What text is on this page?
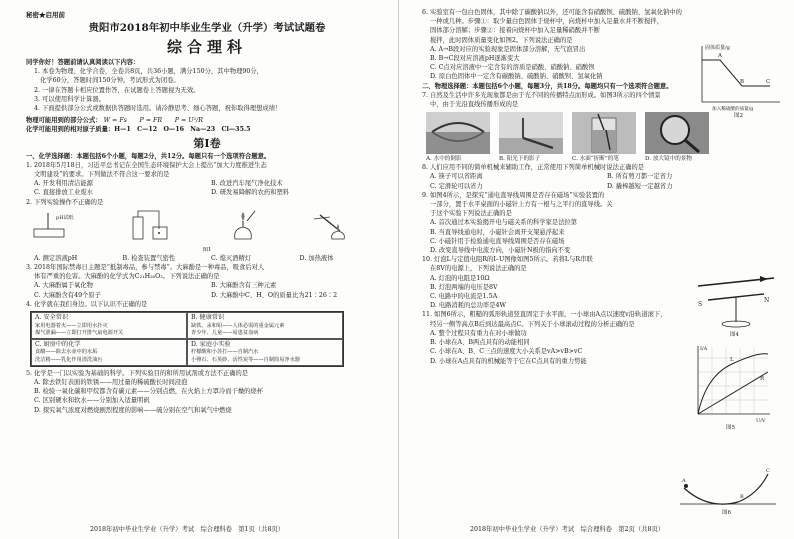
秘密★启用前
贵阳市2018年初中毕业生学业（升学）考试试题卷
综合理科
同学你好！答题前请认真阅读以下内容：
1. 本卷为物理、化学合卷，全卷共8页，共36小题，满分150分，其中物理90分，
化学60分，答题时间150分钟。考试形式为闭卷。
2. 一律在答题卡相应位置作答，在试题卷上答题视为无效。
3. 可以使用科学计算器。
4. 下面提供部分公式或数据供答题时选用。请冷静思考、细心答题，祝你取得理想成绩！
物理可能用到的部分公式： W = Fs　　P = FR　　P = U²/R
化学可能用到的相对原子质量：H—1　C—12　O—16　Na—23　Cl—35.5
第Ⅰ卷
一、化学选择题：本题包括6个小题，每题2分，共12分。每题只有一个选项符合题意。
1. 2018年5月18日，习近平总书记在全国生态环境保护大会上提出“加大力度推进生态
文明建设”的要求。下列做法不符合这一要求的是
A. 开发利用清洁能源	B. 改进汽车尾气净化技术
C. 直接排放工业废水	D. 研发易降解的农药和塑料
2. 下列实验操作不正确的是
pH试纸
图1
A. 测定溶液pH	B. 检查装置气密性	C. 熄灭酒精灯	D. 加热液体
3. 2018年国际禁毒日主题是“抵制毒品，参与禁毒”。大麻酚是一种毒品，吸食后对人
体有严重的危害。大麻酚的化学式为C₂₁H₂₆O₂。下列说法正确的是
A. 大麻酚属于氧化物	B. 大麻酚含有三种元素
C. 大麻酚含有49个原子	D. 大麻酚中C、H、O的质量比为21∶26∶2
4. 化学就在我们身边。以下认识不正确的是
A. 安全常识
家用电器着火——立即用水扑灭
煤气泄漏——立即打开排气扇电源开关
B. 健康常识
缺铁、汞和铅——人体必需的重金属元素
青少年、儿童——易患贫血病
C. 厨房中的化学
食醋——除去水壶中的水垢
洗洁精——乳化作用清洗油污
D. 家庭小实验
柠檬酸和小苏打——自制汽水
小卵石、石英砂、活性炭等——自制简易净水器
5. 化学是一门以实验为基础的科学。下列实验目的和所用试剂或方法不正确的是
A. 除去铁钉表面的铁锈——用过量的稀硫酸长时间浸泡
B. 检验一氧化碳和甲烷都含有碳元素——分别点燃，在火焰上方罩冷而干燥的烧杯
C. 区别硬水和软水——分别加入适量明矾
D. 探究氧气浓度对燃烧剧烈程度的影响——硫分别在空气和氧气中燃烧
2018年初中毕业生学业（升学）考试　综合理科卷　第1页（共8页）
6. 实验室有一包白色固体，其中除了碳酸钠以外，还可能含有硝酸钡、硫酸钠、氢氧化钠中的
一种或几种。步骤①：取少量白色固体于烧杯中，向烧杯中加入足量水并不断搅拌，
固体部分溶解；步骤②：接着向烧杯中加入足量稀硝酸并不断
搅拌，此时固体质量变化如图2。下列说法正确的是
A. A→B段对应的实验现象是固体部分溶解，无气泡冒出
B. B→C段对应溶液pH逐渐变大
C. C点对应溶液中一定含有的溶质是硝酸、硝酸钠、硝酸钡
D. 原白色固体中一定含有碳酸钠、硫酸钠、硝酸钡、氢氧化钠
固体质量/g
A
B	C
加入稀硝酸的质量/g
图2
二、物理选择题：本题包括6个小题，每题3分，共18分。每题均只有一个选项符合题意。
7. 自然及生活中许多光现象都是由于光不同的传播特点而形成。如图3所示的四个情景
中，由于光沿直线传播形成的是
A. 水中的倒影	B. 阳光下的影子	C. 水面“折断”的笔	D. 放大镜中的景物
8. 人们应用不同的简单机械来辅助工作，正常使用下列简单机械时说法正确的是
A. 筷子可以省距离	B. 所有剪刀都一定省力
C. 定滑轮可以省力	D. 撬棒越短一定越省力
9. 如图4所示，是探究“通电直导线周围是否存在磁场”实验装置的
一部分，置于水平桌面的小磁针上方有一根与之平行的直导线。关
于这个实验下列说法正确的是
A. 首次通过本实验揭开电与磁关系的科学家是法拉第
B. 当直导线通电时，小磁针会离开支架悬浮起来
C. 小磁针用于检验通电直导线周围是否存在磁场
D. 改变直导线中电流方向，小磁针N极的指向不变
S
N
图4
10. 灯泡L与定值电阻R的I–U图像如图5所示。若将L与R串联
在8V的电源上，下列说法正确的是
A. 灯泡的电阻是10Ω
B. 灯泡两端的电压是8V
C. 电路中的电流是1.5A
D. 电路消耗的总功率是4W
I/A
U/V
L
R
图5
11. 如图6所示，粗糙的弧形轨道竖直固定于水平面，一小球由A点以速度v沿轨道滚下，
经另一侧等高点B后到达最高点C。下列关于小球滚动过程的分析正确的是
A. 整个过程只有重力在对小球做功
B. 小球在A、B两点具有的动能相同
C. 小球在A、B、C三点的速度大小关系是vA>vB>vC
D. 小球在A点具有的机械能等于它在C点具有的重力势能
A
B
C
图6
2018年初中毕业生学业（升学）考试　综合理科卷　第2页（共8页）
